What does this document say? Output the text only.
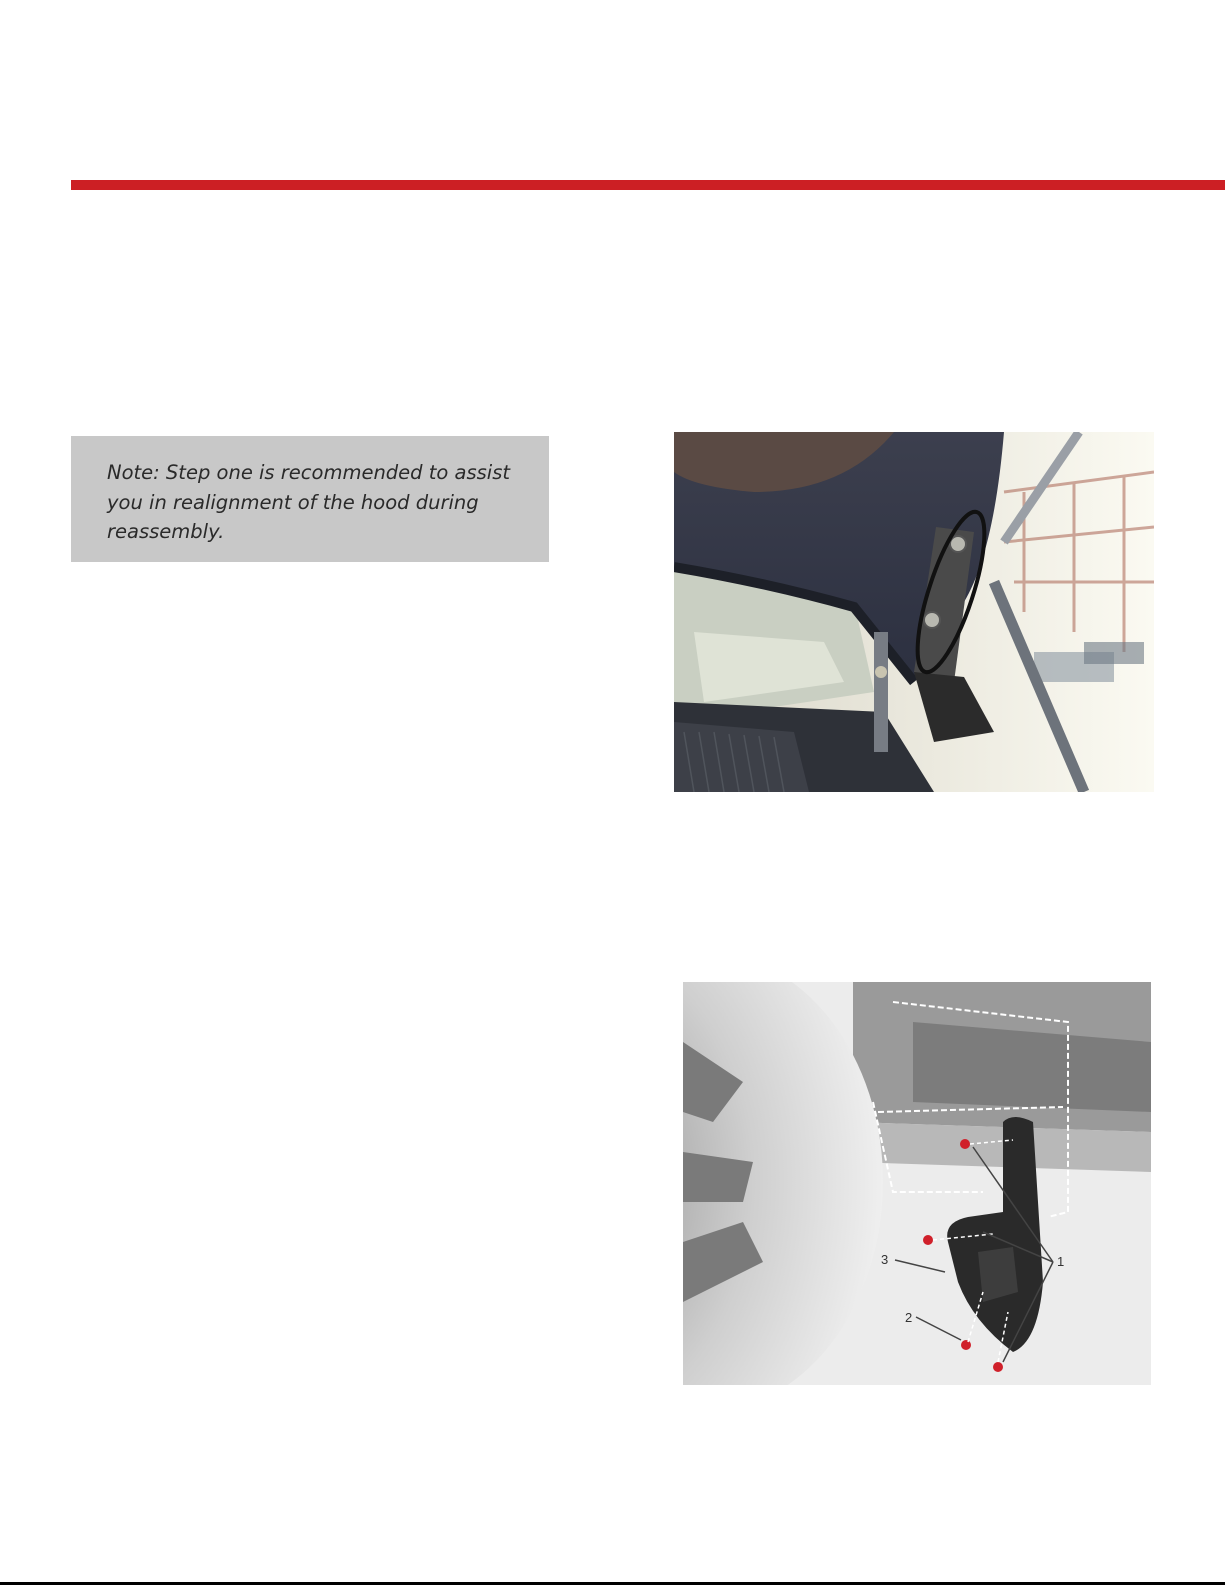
Note: Step one is recommended to assist
you in realignment of the hood during
reassembly.

1
2
3
